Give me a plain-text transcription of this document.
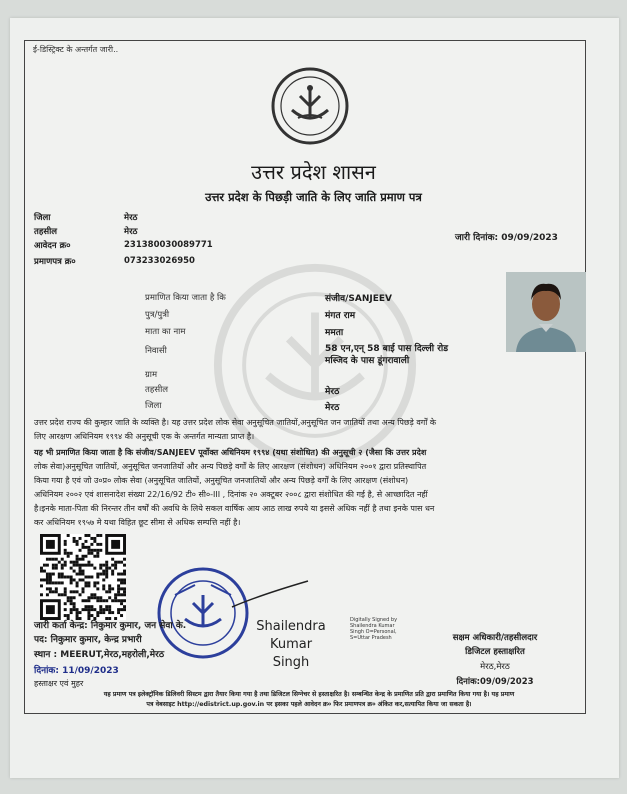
ई-डिस्ट्रिक्ट के अन्तर्गत जारी..
उत्तर प्रदेश शासन
उत्तर प्रदेश के पिछड़ी जाति के लिए जाति प्रमाण पत्र
जिला	मेरठ
तहसील	मेरठ
आवेदन क्र०	231380030089771
प्रमाणपत्र क्र०	073233026950
जारी दिनांक: 09/09/2023
प्रमाणित किया जाता है कि	संजीव/SANJEEV
पुत्र/पुत्री	मंगत राम
माता का नाम	ममता
निवासी	58 एन,एन् 58 बाई पास दिल्ली रोड
मस्जिद के पास डूंगरावाली
ग्राम
तहसील	मेरठ
जिला	मेरठ
उत्तर प्रदेश राज्य की कुम्हार जाति के व्यक्ति है। यह उत्तर प्रदेश लोक सेवा अनुसूचित जातियों,अनुसूचित जन जातियों तथा अन्य पिछड़े वर्गों के
लिए आरक्षण अधिनियम १९९४ की अनुसूची एक के अन्तर्गत मान्यता प्राप्त है।
यह भी प्रमाणित किया जाता है कि संजीव/SANJEEV पूर्वोक्त अधिनियम १९९४ (यथा संशोधित) की अनुसूची २ (जैसा कि उत्तर प्रदेश
लोक सेवा)अनुसूचित जातियों, अनुसूचित जनजातियों और अन्य पिछड़े वर्गों के लिए आरक्षण (संशोधन) अधिनियम २००१ द्वारा प्रतिस्थापित
किया गया है एवं जो उ०प्र० लोक सेवा (अनुसूचित जातियों, अनुसूचित जनजातियों और अन्य पिछड़े वर्गों के लिए आरक्षण (संशोधन)
अधिनियम २००२ एवं शासनादेश संख्या 22/16/92 टी० सी०-III , दिनांक २० अक्टूबर २००८ द्वारा संशोधित की गई है, से आच्छादित नहीं
है।इनके माता-पिता की निरन्तर तीन वर्षों की अवधि के लिये सकल वार्षिक आय आठ लाख रुपये या इससे अधिक नहीं है तथा इनके पास धन
कर अधिनियम १९५७ मे यथा विहित छूट सीमा से अधिक सम्पत्ति नहीं है।
जारी कर्ता केन्द्र: निकुमार कुमार, जन सेवा के.
पद: निकुमार कुमार, केन्द्र प्रभारी
स्थान : MEERUT,मेरठ,महरोली,मेरठ
दिनांक: 11/09/2023
हस्ताक्षर एवं मुहर
Shailendra
Kumar
Singh
Digitally Signed by
Shailendra Kumar
Singh O=Personal,
S=Uttar Pradesh	सक्षम अधिकारी/तहसीलदार
डिजिटल हस्ताक्षरित
मेरठ,मेरठ
दिनांक:09/09/2023
यह प्रमाण पत्र इलेक्ट्रॉनिक डिलिवरी सिस्टम द्वारा तैयार किया गया है तथा डिजिटल सिग्नेचर से हस्ताक्षरित है। सम्बन्धित केन्द्र के प्रमाणित प्रति द्वारा प्रमाणित किया गया है। यह प्रमाण
पत्र वेबसाइट http://edistrict.up.gov.in पर इसका पहले आवेदन क्र० फिर प्रमाणपत्र क्र० अंकित कर,सत्यापित किया जा सकता है।
